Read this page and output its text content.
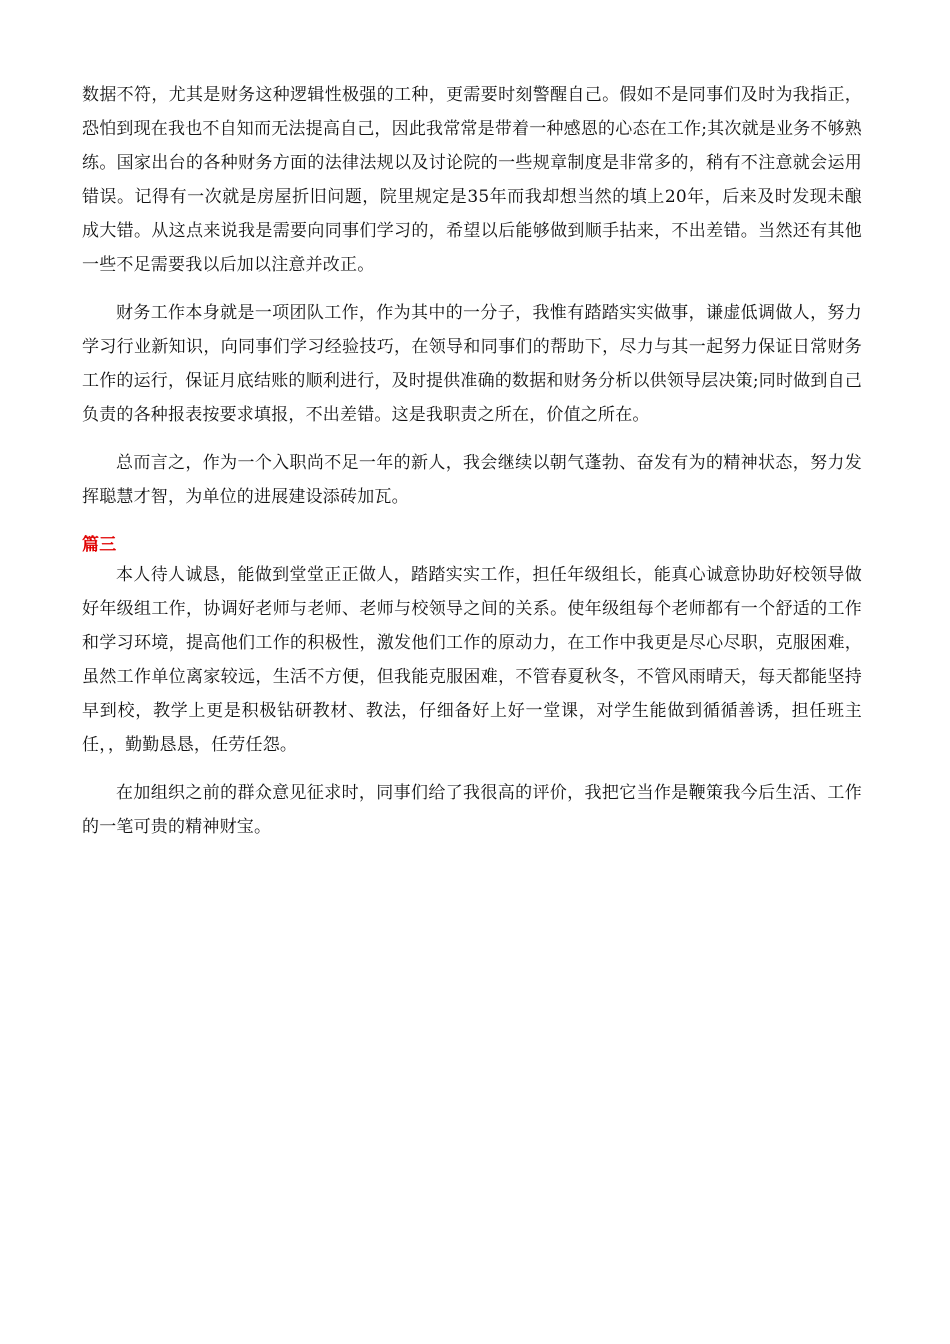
数据不符，尤其是财务这种逻辑性极强的工种，更需要时刻警醒自己。假如不是同事们及时为我指正，恐怕到现在我也不自知而无法提高自己，因此我常常是带着一种感恩的心态在工作;其次就是业务不够熟练。国家出台的各种财务方面的法律法规以及讨论院的一些规章制度是非常多的，稍有不注意就会运用错误。记得有一次就是房屋折旧问题，院里规定是35年而我却想当然的填上20年，后来及时发现未酿成大错。从这点来说我是需要向同事们学习的，希望以后能够做到顺手拈来，不出差错。当然还有其他一些不足需要我以后加以注意并改正。

财务工作本身就是一项团队工作，作为其中的一分子，我惟有踏踏实实做事，谦虚低调做人，努力学习行业新知识，向同事们学习经验技巧，在领导和同事们的帮助下，尽力与其一起努力保证日常财务工作的运行，保证月底结账的顺利进行，及时提供准确的数据和财务分析以供领导层决策;同时做到自己负责的各种报表按要求填报，不出差错。这是我职责之所在，价值之所在。

总而言之，作为一个入职尚不足一年的新人，我会继续以朝气蓬勃、奋发有为的精神状态，努力发挥聪慧才智，为单位的进展建设添砖加瓦。

篇三

本人待人诚恳，能做到堂堂正正做人，踏踏实实工作，担任年级组长，能真心诚意协助好校领导做好年级组工作，协调好老师与老师、老师与校领导之间的关系。使年级组每个老师都有一个舒适的工作和学习环境，提高他们工作的积极性，激发他们工作的原动力，在工作中我更是尽心尽职，克服困难，虽然工作单位离家较远，生活不方便，但我能克服困难，不管春夏秋冬，不管风雨晴天，每天都能坚持早到校，教学上更是积极钻研教材、教法，仔细备好上好一堂课，对学生能做到循循善诱，担任班主任，，勤勤恳恳，任劳任怨。

在加组织之前的群众意见征求时，同事们给了我很高的评价，我把它当作是鞭策我今后生活、工作的一笔可贵的精神财宝。
